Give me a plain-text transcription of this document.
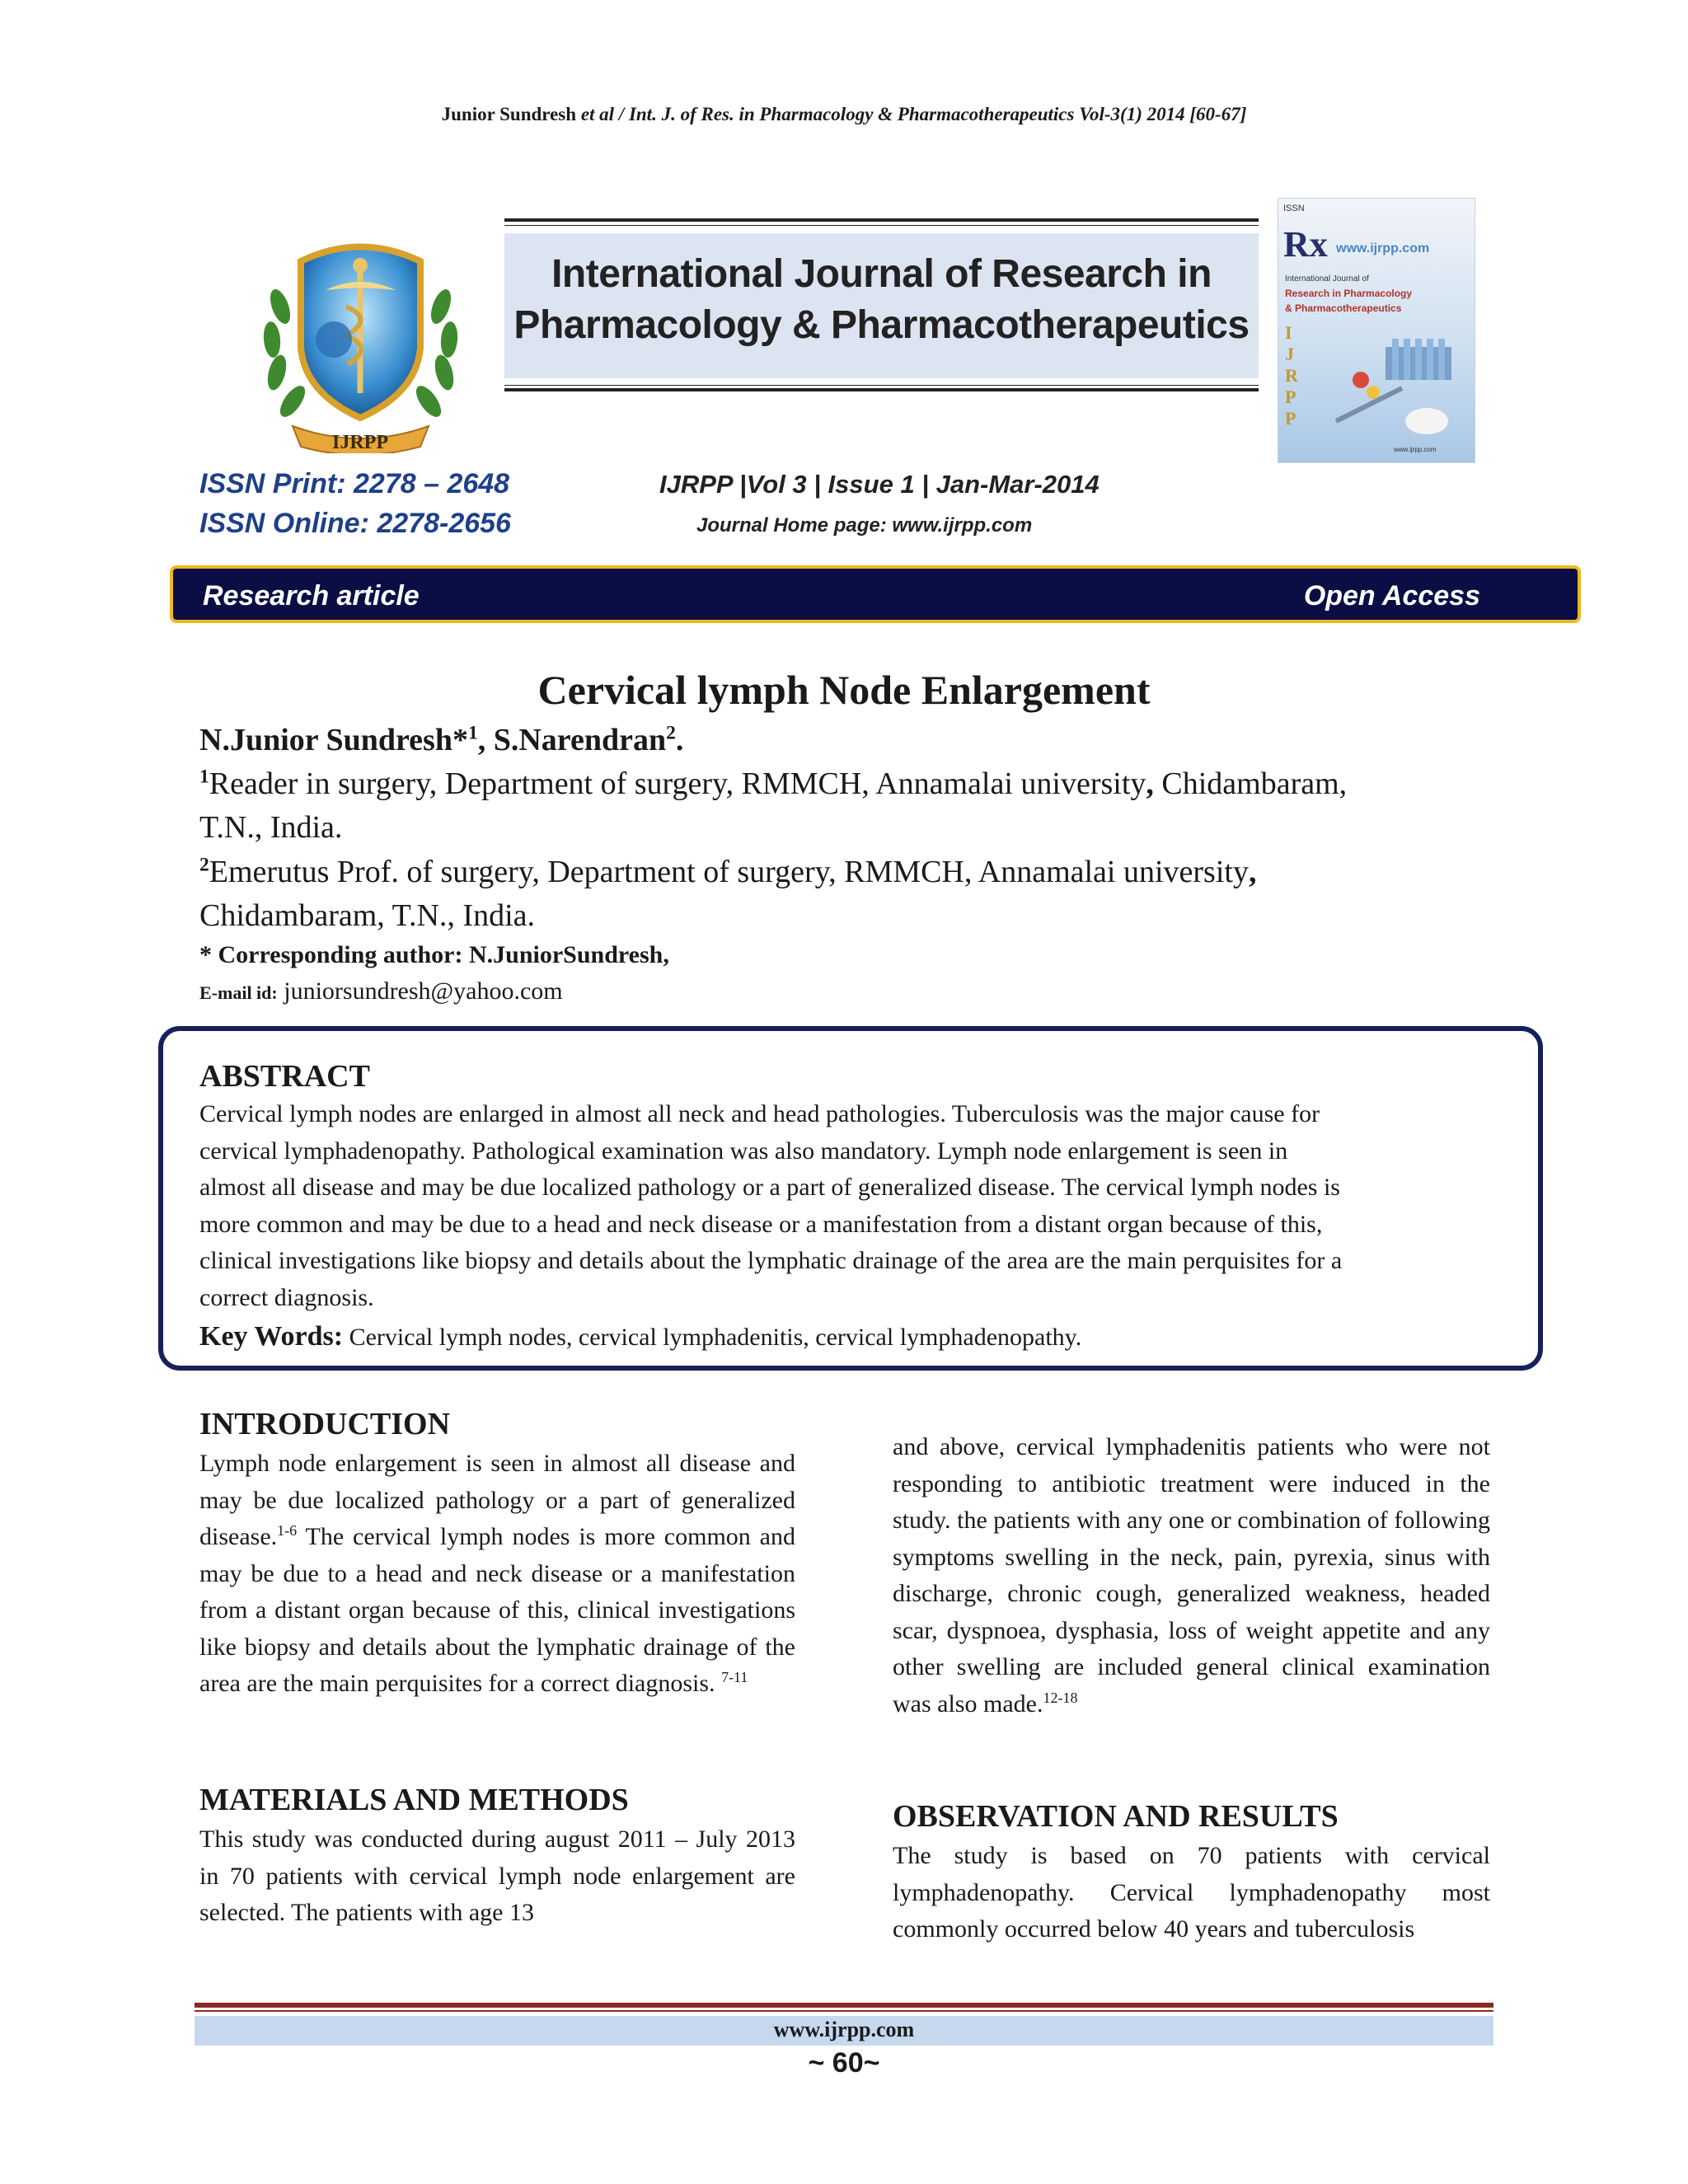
Junior Sundresh et al / Int. J. of Res. in Pharmacology & Pharmacotherapeutics Vol-3(1) 2014 [60-67]
IJRPP
International Journal of Research in
Pharmacology & Pharmacotherapeutics
ISSN
Rx www.ijrpp.com
International Journal of
Research in Pharmacology
& Pharmacotherapeutics
I
J
R
P
P
www.ijrpp.com
ISSN Print: 2278 – 2648
ISSN Online: 2278-2656
IJRPP |Vol 3 | Issue 1 | Jan-Mar-2014
Journal Home page: www.ijrpp.com
Research article	Open Access
Cervical lymph Node Enlargement
N.Junior Sundresh*$^1$, S.Narendran$^2$.
$^1$Reader in surgery, Department of surgery, RMMCH, Annamalai university, Chidambaram,
T.N., India.
$^2$Emerutus Prof. of surgery, Department of surgery, RMMCH, Annamalai university,
Chidambaram, T.N., India.
* Corresponding author: N.JuniorSundresh,
E-mail id: juniorsundresh@yahoo.com
ABSTRACT
Cervical lymph nodes are enlarged in almost all neck and head pathologies. Tuberculosis was the major cause for
cervical lymphadenopathy. Pathological examination was also mandatory. Lymph node enlargement is seen in
almost all disease and may be due localized pathology or a part of generalized disease. The cervical lymph nodes is
more common and may be due to a head and neck disease or a manifestation from a distant organ because of this,
clinical investigations like biopsy and details about the lymphatic drainage of the area are the main perquisites for a
correct diagnosis.
Key Words: Cervical lymph nodes, cervical lymphadenitis, cervical lymphadenopathy.
INTRODUCTION
Lymph node enlargement is seen in almost all disease and may be due localized pathology or a part of generalized disease.$^{1-6}$ The cervical lymph nodes is more common and may be due to a head and neck disease or a manifestation from a distant organ because of this, clinical investigations like biopsy and details about the lymphatic drainage of the area are the main perquisites for a correct diagnosis. $^{7-11}$
MATERIALS AND METHODS
This study was conducted during august 2011 – July 2013 in 70 patients with cervical lymph node enlargement are selected. The patients with age 13
and above, cervical lymphadenitis patients who were not responding to antibiotic treatment were induced in the study. the patients with any one or combination of following symptoms swelling in the neck, pain, pyrexia, sinus with discharge, chronic cough, generalized weakness, headed scar, dyspnoea, dysphasia, loss of weight appetite and any other swelling are included general clinical examination was also made.$^{12-18}$
OBSERVATION AND RESULTS
The study is based on 70 patients with cervical lymphadenopathy. Cervical lymphadenopathy most commonly occurred below 40 years and tuberculosis
www.ijrpp.com
~ 60~
